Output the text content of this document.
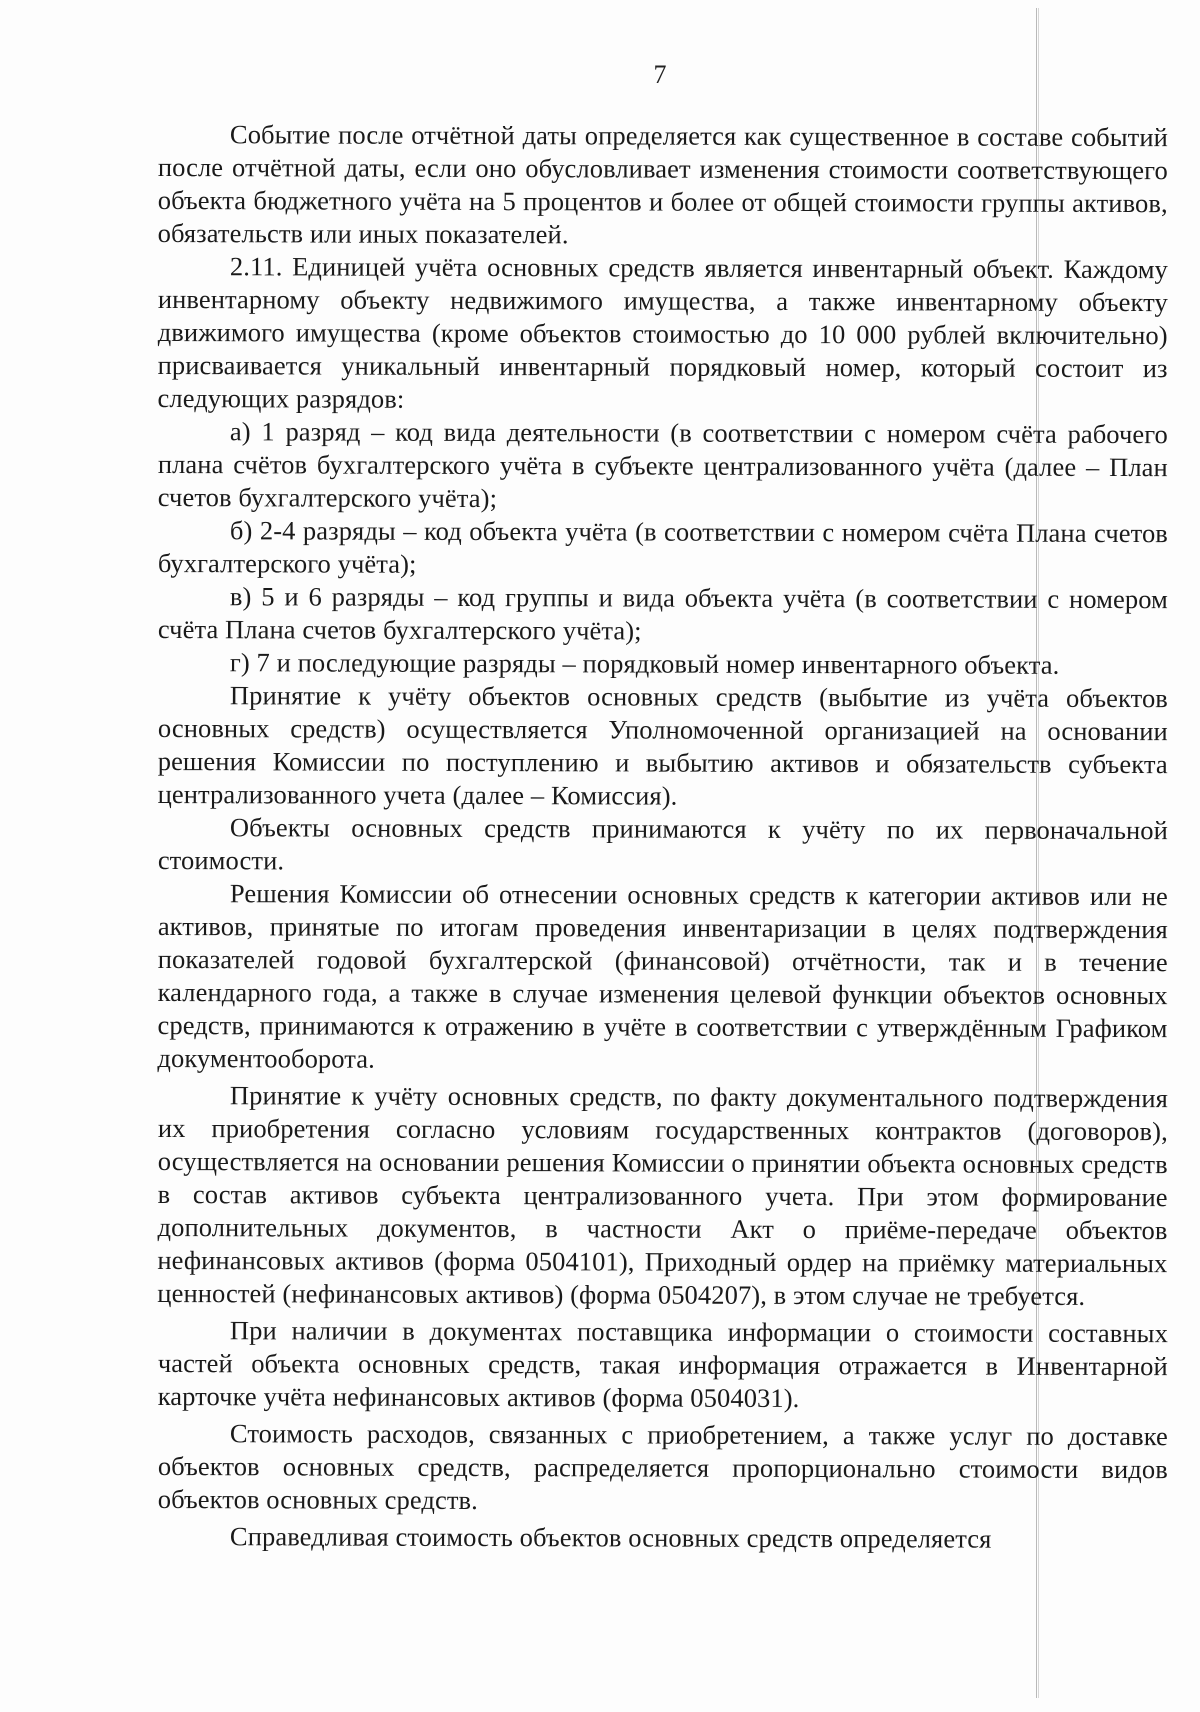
7

Событие после отчётной даты определяется как существенное в составе событий после отчётной даты, если оно обусловливает изменения стоимости соответствующего объекта бюджетного учёта на 5 процентов и более от общей стоимости группы активов, обязательств или иных показателей.

2.11. Единицей учёта основных средств является инвентарный объект. Каждому инвентарному объекту недвижимого имущества, а также инвентарному объекту движимого имущества (кроме объектов стоимостью до 10 000 рублей включительно) присваивается уникальный инвентарный порядковый номер, который состоит из следующих разрядов:

а) 1 разряд – код вида деятельности (в соответствии с номером счёта рабочего плана счётов бухгалтерского учёта в субъекте централизованного учёта (далее – План счетов бухгалтерского учёта);

б) 2-4 разряды – код объекта учёта (в соответствии с номером счёта Плана счетов бухгалтерского учёта);

в) 5 и 6 разряды – код группы и вида объекта учёта (в соответствии с номером счёта Плана счетов бухгалтерского учёта);

г) 7 и последующие разряды – порядковый номер инвентарного объекта.

Принятие к учёту объектов основных средств (выбытие из учёта объектов основных средств) осуществляется Уполномоченной организацией на основании решения Комиссии по поступлению и выбытию активов и обязательств субъекта централизованного учета (далее – Комиссия).

Объекты основных средств принимаются к учёту по их первоначальной стоимости.

Решения Комиссии об отнесении основных средств к категории активов или не активов, принятые по итогам проведения инвентаризации в целях подтверждения показателей годовой бухгалтерской (финансовой) отчётности, так и в течение календарного года, а также в случае изменения целевой функции объектов основных средств, принимаются к отражению в учёте в соответствии с утверждённым Графиком документооборота.

Принятие к учёту основных средств, по факту документального подтверждения их приобретения согласно условиям государственных контрактов (договоров), осуществляется на основании решения Комиссии о принятии объекта основных средств в состав активов субъекта централизованного учета. При этом формирование дополнительных документов, в частности Акт о приёме-передаче объектов нефинансовых активов (форма 0504101), Приходный ордер на приёмку материальных ценностей (нефинансовых активов) (форма 0504207), в этом случае не требуется.

При наличии в документах поставщика информации о стоимости составных частей объекта основных средств, такая информация отражается в Инвентарной карточке учёта нефинансовых активов (форма 0504031).

Стоимость расходов, связанных с приобретением, а также услуг по доставке объектов основных средств, распределяется пропорционально стоимости видов объектов основных средств.

Справедливая стоимость объектов основных средств определяется
